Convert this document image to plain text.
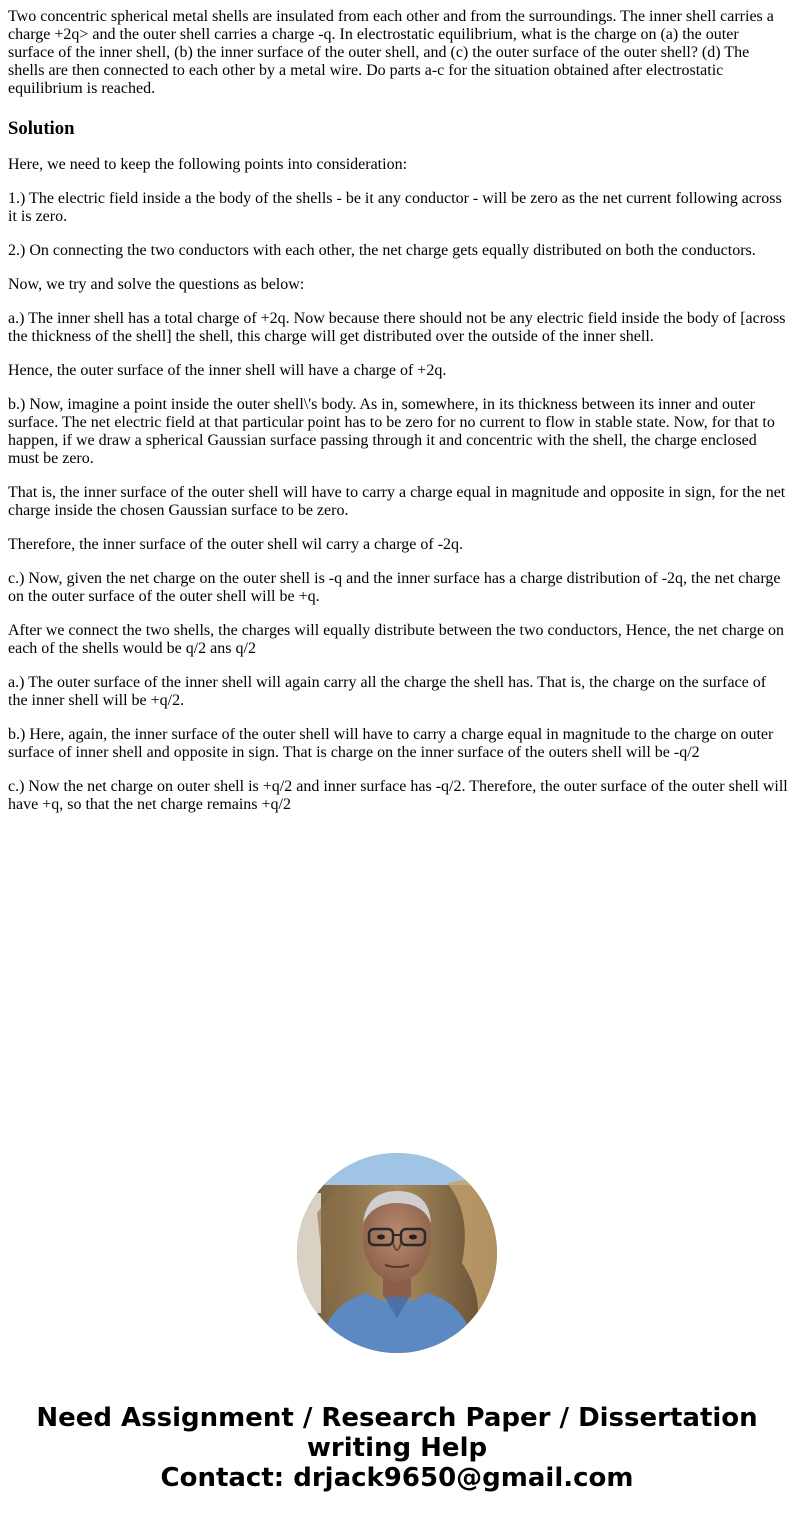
Two concentric spherical metal shells are insulated from each other and from the surroundings. The inner shell carries a charge +2q> and the outer shell carries a charge -q. In electrostatic equilibrium, what is the charge on (a) the outer surface of the inner shell, (b) the inner surface of the outer shell, and (c) the outer surface of the outer shell? (d) The shells are then connected to each other by a metal wire. Do parts a-c for the situation obtained after electrostatic equilibrium is reached.

Solution

Here, we need to keep the following points into consideration:

1.) The electric field inside a the body of the shells - be it any conductor - will be zero as the net current following across it is zero.

2.) On connecting the two conductors with each other, the net charge gets equally distributed on both the conductors.

Now, we try and solve the questions as below:

a.) The inner shell has a total charge of +2q. Now because there should not be any electric field inside the body of [across the thickness of the shell] the shell, this charge will get distributed over the outside of the inner shell.

Hence, the outer surface of the inner shell will have a charge of +2q.

b.) Now, imagine a point inside the outer shell\'s body. As in, somewhere, in its thickness between its inner and outer surface. The net electric field at that particular point has to be zero for no current to flow in stable state. Now, for that to happen, if we draw a spherical Gaussian surface passing through it and concentric with the shell, the charge enclosed must be zero.

That is, the inner surface of the outer shell will have to carry a charge equal in magnitude and opposite in sign, for the net charge inside the chosen Gaussian surface to be zero.

Therefore, the inner surface of the outer shell wil carry a charge of -2q.

c.) Now, given the net charge on the outer shell is -q and the inner surface has a charge distribution of -2q, the net charge on the outer surface of the outer shell will be +q.

After we connect the two shells, the charges will equally distribute between the two conductors, Hence, the net charge on each of the shells would be q/2 ans q/2

a.) The outer surface of the inner shell will again carry all the charge the shell has. That is, the charge on the surface of the inner shell will be +q/2.

b.) Here, again, the inner surface of the outer shell will have to carry a charge equal in magnitude to the charge on outer surface of inner shell and opposite in sign. That is charge on the inner surface of the outers shell will be -q/2

c.) Now the net charge on outer shell is +q/2 and inner surface has -q/2. Therefore, the outer surface of the outer shell will have +q, so that the net charge remains +q/2

Need Assignment / Research Paper / Dissertation
writing Help
Contact: drjack9650@gmail.com
